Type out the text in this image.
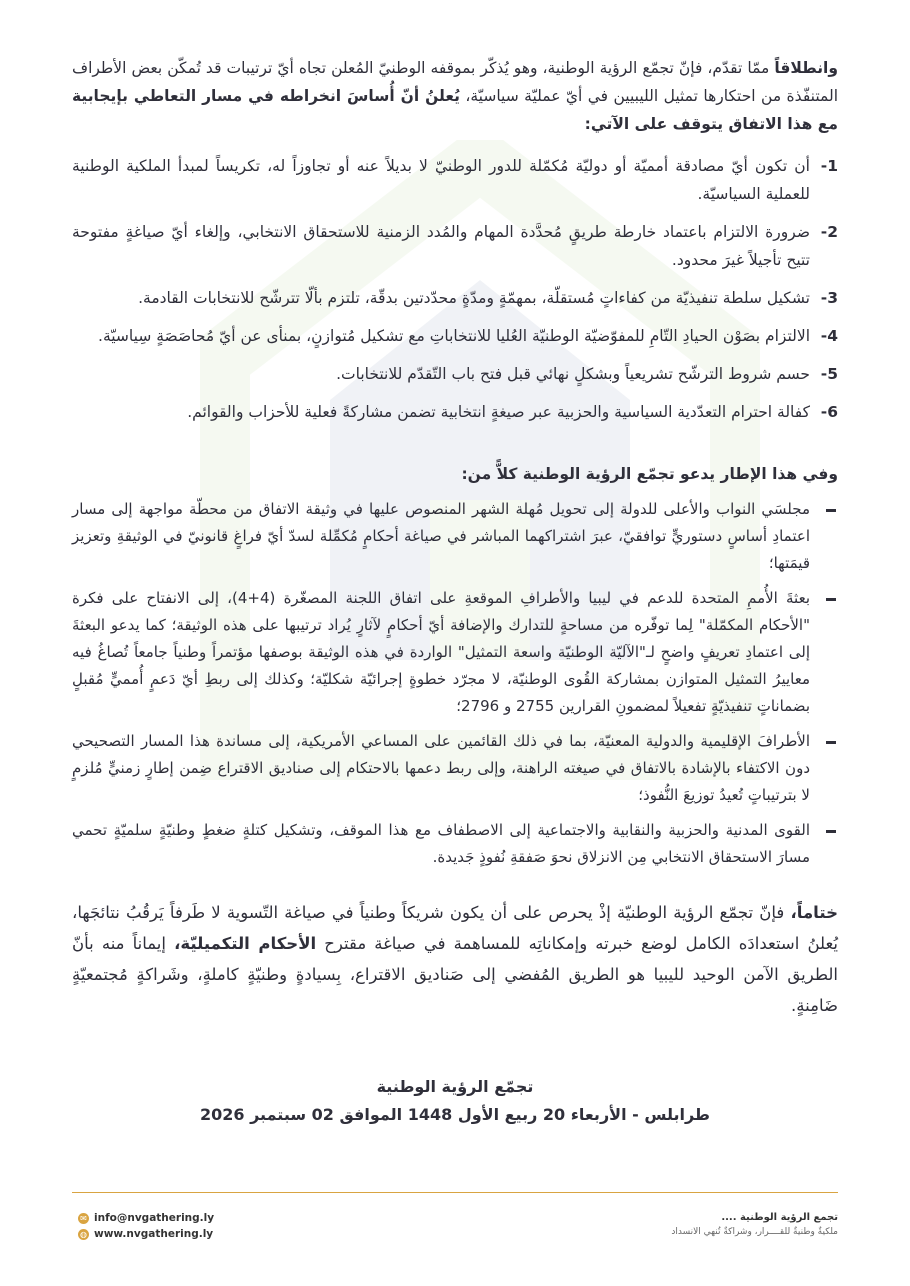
وانطلاقاً ممّا تقدّم، فإنّ تجمّع الرؤية الوطنية، وهو يُذكّر بموقفه الوطنيّ المُعلن تجاه أيّ ترتيبات قد تُمكّن بعض الأطراف المتنفّذة من احتكارها تمثيل الليبيين في أيّ عمليّة سياسيّة، يُعلنُ أنّ أُساسَ انخراطه في مسار التعاطي بإيجابية مع هذا الاتفاق يتوقف على الآتي:

-1
أن تكون أيّ مصادقة أمميّة أو دوليّة مُكمّلة للدور الوطنيّ لا بديلاً عنه أو تجاوزاً له، تكريساً لمبدأ الملكية الوطنية للعملية السياسيّة.
-2
ضرورة الالتزام باعتماد خارطة طريقٍ مُحدَّدة المهام والمُدد الزمنية للاستحقاق الانتخابي، وإلغاء أيّ صياغةٍ مفتوحة تتيح تأجيلاً غيرَ محدود.
-3
تشكيل سلطة تنفيذيّة من كفاءاتٍ مُستقلّة، بمهمّةٍ ومدّةٍ محدّدتين بدقّة، تلتزم بألّا تترشّح للانتخابات القادمة.
-4
الالتزام بصَوْن الحيادِ التّامِ للمفوّضيّة الوطنيّة العُليا للانتخاباتِ مع تشكيل مُتوازنٍ، بمنأى عن أيّ مُحاصَصَةٍ سِياسيّة.
-5
حسم شروط الترشّح تشريعياً وبشكلٍ نهائي قبل فتح باب التّقدّم للانتخابات.
-6
كفالة احترام التعدّدية السياسية والحزبية عبر صيغةٍ انتخابية تضمن مشاركةً فعلية للأحزاب والقوائم.

وفي هذا الإطار يدعو تجمّع الرؤية الوطنية كلاًّ من:

مجلسَي النواب والأعلى للدولة إلى تحويل مُهلة الشهر المنصوص عليها في وثيقة الاتفاق من محطّة مواجهة إلى مسار اعتمادِ أساسٍ دستوريٍّ توافقيّ، عبرَ اشتراكهما المباشر في صياغة أحكامٍ مُكمِّلة لسدّ أيّ فراغٍ قانونيّ في الوثيقةِ وتعزيز قيمَتها؛
بعثةَ الأُممِ المتحدة للدعم في ليبيا والأطرافِ الموقعةِ على اتفاق اللجنة المصغّرة (4+4)، إلى الانفتاح على فكرة "الأحكام المكمّلة" لِما توفّره من مساحةٍ للتدارك والإضافة أيّ أحكامٍ لآثارٍ يُراد ترتيبها على هذه الوثيقة؛ كما يدعو البعثةَ إلى اعتمادِ تعريفٍ واضحٍ لـ"الآليّة الوطنيّة واسعة التمثيل" الواردة في هذه الوثيقة بوصفها مؤتمراً وطنياً جامعاً تُصاغُ فيه معاييرُ التمثيل المتوازن بمشاركة القُوى الوطنيّة، لا مجرّد خطوةٍ إجرائيّة شكليّة؛ وكذلك إلى ربطِ أيّ دَعمٍ أُمميٍّ مُقبلٍ بضماناتٍ تنفيذيّةٍ تفعيلاً لمضمونِ القرارين 2755 و 2796؛
الأطرافَ الإقليمية والدولية المعنيّة، بما في ذلك القائمين على المساعي الأمريكية، إلى مساندة هذا المسار التصحيحي دون الاكتفاء بالإشادة بالاتفاق في صيغته الراهنة، وإلى ربط دعمها بالاحتكام إلى صناديق الاقتراع ضِمن إطارٍ زمنيٍّ مُلزمٍ لا بترتيباتٍ تُعيدُ توزيعَ النُّفوذ؛
القوى المدنية والحزبية والنقابية والاجتماعية إلى الاصطفاف مع هذا الموقف، وتشكيل كتلةٍ ضغطٍ وطنيّةٍ سلميّةٍ تحمي مسارَ الاستحقاق الانتخابي مِن الانزلاق نحوَ صَفقةِ نُفوذٍ جَديدة.

ختاماً، فإنّ تجمّع الرؤية الوطنيّة إذْ يحرص على أن يكون شريكاً وطنياً في صياغة التّسوية لا طَرفاً يَرقُبُ نتائجَها، يُعلنُ استعدادَه الكامل لوضع خبرته وإمكاناتِه للمساهمة في صياغة مقترح الأحكام التكميليّة، إيماناً منه بأنّ الطريق الآمن الوحيد لليبيا هو الطريق المُفضي إلى صَناديق الاقتراع، بِسيادةٍ وطنيّةٍ كاملةٍ، وشَراكةٍ مُجتمعيّةٍ ضَامِنةٍ.

تجمّع الرؤية الوطنية
طرابلس - الأربعاء 20 ربيع الأول 1448 الموافق 02 سبتمبر 2026
تجمع الرؤية الوطنية ....
ملكيةٌ وطنيةٌ للقــــرار، وشراكةٌ تُنهي الانسداد
✉ info@nvgathering.ly
◍ www.nvgathering.ly
